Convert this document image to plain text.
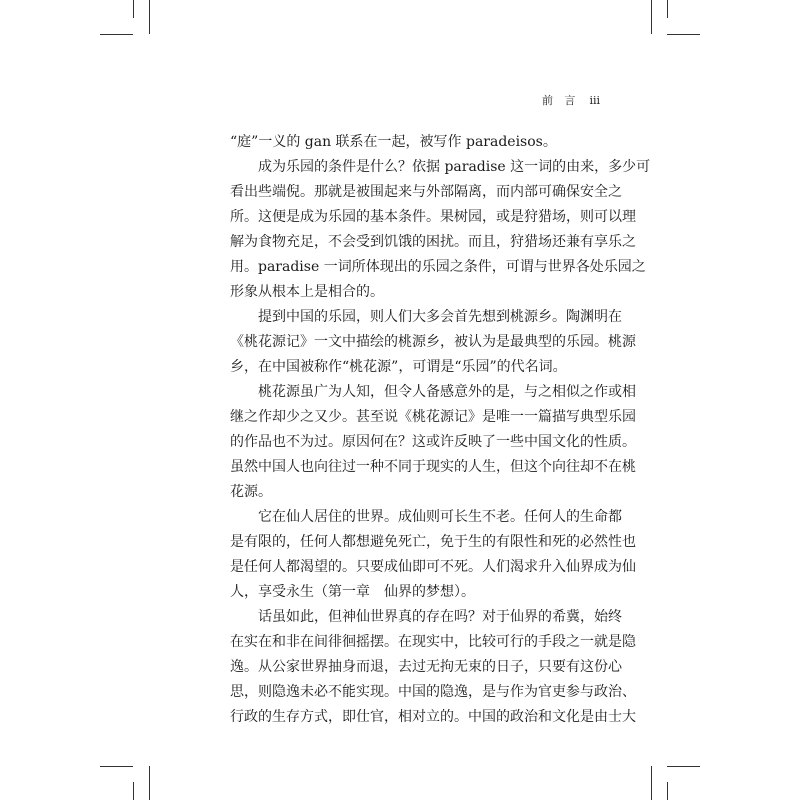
前 言 iii
“庭”一义的 gan 联系在一起，被写作 paradeisos。
成为乐园的条件是什么？依据 paradise 这一词的由来，多少可
看出些端倪。那就是被围起来与外部隔离，而内部可确保安全之
所。这便是成为乐园的基本条件。果树园，或是狩猎场，则可以理
解为食物充足，不会受到饥饿的困扰。而且，狩猎场还兼有享乐之
用。paradise 一词所体现出的乐园之条件，可谓与世界各处乐园之
形象从根本上是相合的。
提到中国的乐园，则人们大多会首先想到桃源乡。陶渊明在
《桃花源记》一文中描绘的桃源乡，被认为是最典型的乐园。桃源
乡，在中国被称作“桃花源”，可谓是“乐园”的代名词。
桃花源虽广为人知，但令人备感意外的是，与之相似之作或相
继之作却少之又少。甚至说《桃花源记》是唯一一篇描写典型乐园
的作品也不为过。原因何在？这或许反映了一些中国文化的性质。
虽然中国人也向往过一种不同于现实的人生，但这个向往却不在桃
花源。
它在仙人居住的世界。成仙则可长生不老。任何人的生命都
是有限的，任何人都想避免死亡，免于生的有限性和死的必然性也
是任何人都渴望的。只要成仙即可不死。人们渴求升入仙界成为仙
人，享受永生（第一章　仙界的梦想）。
话虽如此，但神仙世界真的存在吗？对于仙界的希冀，始终
在实在和非在间徘徊摇摆。在现实中，比较可行的手段之一就是隐
逸。从公家世界抽身而退，去过无拘无束的日子，只要有这份心
思，则隐逸未必不能实现。中国的隐逸，是与作为官吏参与政治、
行政的生存方式，即仕官，相对立的。中国的政治和文化是由士大
